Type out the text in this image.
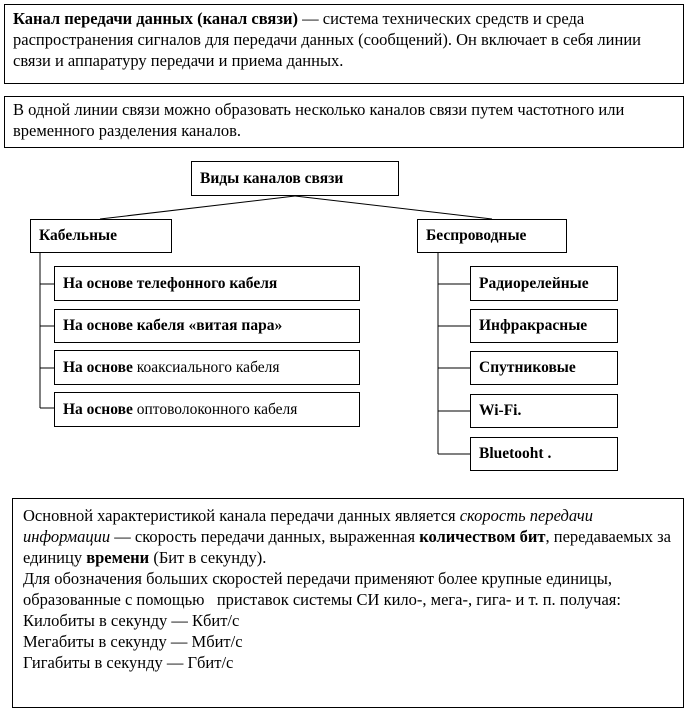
Канал передачи данных (канал связи) — система технических средств и среда распространения сигналов для передачи данных (сообщений). Он включает в себя линии связи и аппаратуру передачи и приема данных.
В одной линии связи можно образовать несколько каналов связи путем частотного или временного разделения каналов.
Виды каналов связи
Кабельные
На основе телефонного кабеля
На основе кабеля «витая пара»
На основе коаксиального кабеля
На основе оптоволоконного кабеля
Беспроводные
Радиорелейные
Инфракрасные
Спутниковые
Wi-Fi.
Bluetooht .

Основной характеристикой канала передачи данных является скорость передачи информации — скорость передачи данных, выраженная количеством бит, передаваемых за единицу времени (Бит в секунду).

Для обозначения больших скоростей передачи применяют более крупные единицы, образованные с помощью   приставок системы СИ кило-, мега-, гига- и т. п. получая:

Килобиты в секунду — Кбит/с

Мегабиты в секунду — Мбит/с

Гигабиты в секунду — Гбит/с
